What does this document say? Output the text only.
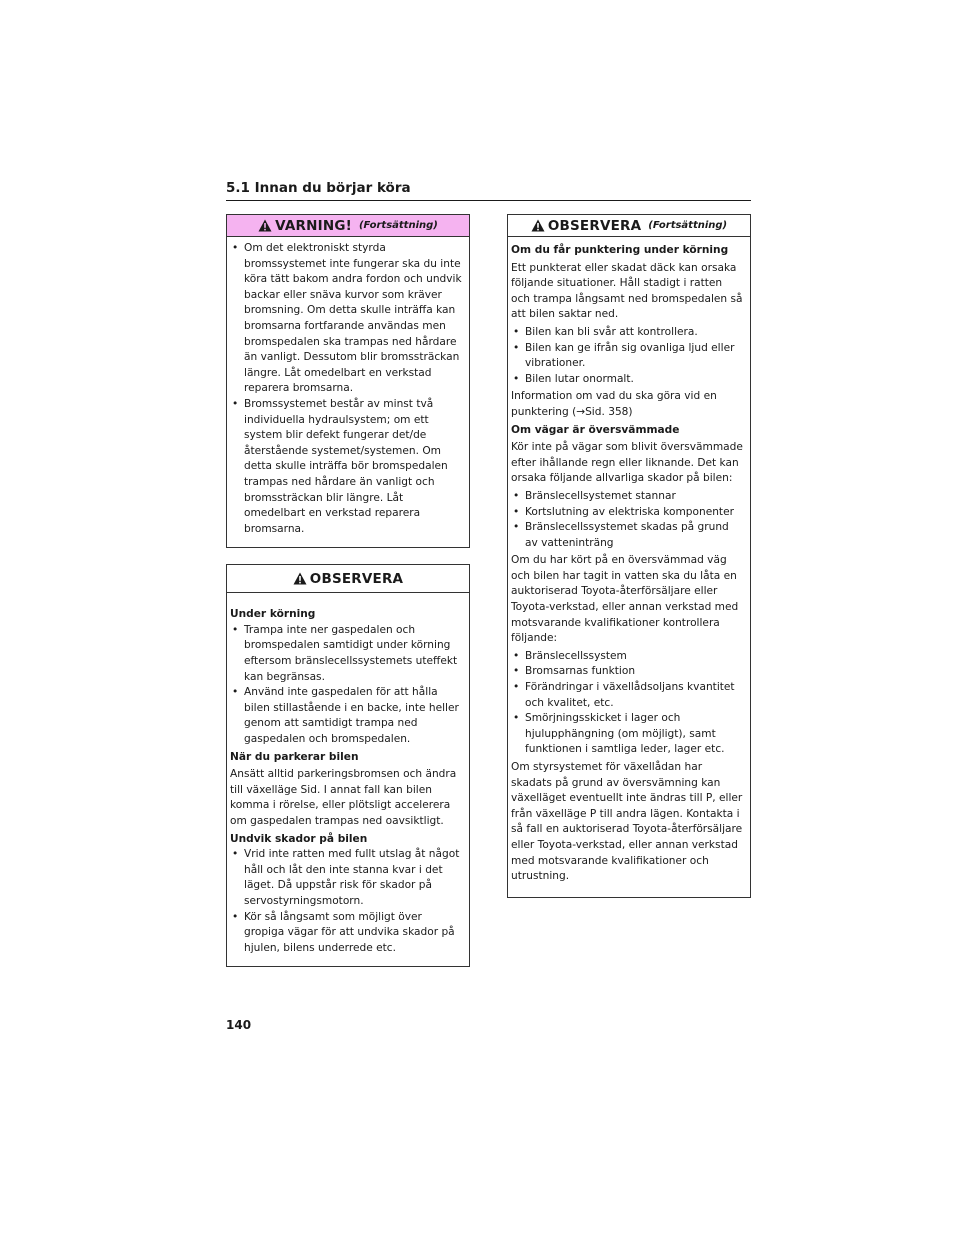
5.1 Innan du börjar köra
VARNING! (Fortsättning)
• Om det elektroniskt styrda bromssystemet inte fungerar ska du inte köra tätt bakom andra fordon och undvik backar eller snäva kurvor som kräver bromsning. Om detta skulle inträffa kan bromsarna fortfarande användas men bromspedalen ska trampas ned hårdare än vanligt. Dessutom blir bromssträckan längre. Låt omedelbart en verkstad reparera bromsarna.
• Bromssystemet består av minst två individuella hydraulsystem; om ett system blir defekt fungerar det/de återstående systemet/systemen. Om detta skulle inträffa bör bromspedalen trampas ned hårdare än vanligt och bromssträckan blir längre. Låt omedelbart en verkstad reparera bromsarna.
OBSERVERA
Under körning
• Trampa inte ner gaspedalen och bromspedalen samtidigt under körning eftersom bränslecellssystemets uteffekt kan begränsas.
• Använd inte gaspedalen för att hålla bilen stillastående i en backe, inte heller genom att samtidigt trampa ned gaspedalen och bromspedalen.
När du parkerar bilen
Ansätt alltid parkeringsbromsen och ändra till växelläge Sid. I annat fall kan bilen komma i rörelse, eller plötsligt accelerera om gaspedalen trampas ned oavsiktligt.
Undvik skador på bilen
• Vrid inte ratten med fullt utslag åt något håll och låt den inte stanna kvar i det läget. Då uppstår risk för skador på servostyrningsmotorn.
• Kör så långsamt som möjligt över gropiga vägar för att undvika skador på hjulen, bilens underrede etc.
OBSERVERA (Fortsättning)
Om du får punktering under körning
Ett punkterat eller skadat däck kan orsaka följande situationer. Håll stadigt i ratten och trampa långsamt ned bromspedalen så att bilen saktar ned.
• Bilen kan bli svår att kontrollera.
• Bilen kan ge ifrån sig ovanliga ljud eller vibrationer.
• Bilen lutar onormalt.
Information om vad du ska göra vid en punktering (→Sid. 358)
Om vägar är översvämmade
Kör inte på vägar som blivit översvämmade efter ihållande regn eller liknande. Det kan orsaka följande allvarliga skador på bilen:
• Bränslecellsystemet stannar
• Kortslutning av elektriska komponenter
• Bränslecellssystemet skadas på grund av vatteninträng
Om du har kört på en översvämmad väg och bilen har tagit in vatten ska du låta en auktoriserad Toyota-återförsäljare eller Toyota-verkstad, eller annan verkstad med motsvarande kvalifikationer kontrollera följande:
• Bränslecellssystem
• Bromsarnas funktion
• Förändringar i växellådsoljans kvantitet och kvalitet, etc.
• Smörjningsskicket i lager och hjulupphängning (om möjligt), samt funktionen i samtliga leder, lager etc.
Om styrsystemet för växellådan har skadats på grund av översvämning kan växelläget eventuellt inte ändras till P, eller från växelläge P till andra lägen. Kontakta i så fall en auktoriserad Toyota-återförsäljare eller Toyota-verkstad, eller annan verkstad med motsvarande kvalifikationer och utrustning.
140
